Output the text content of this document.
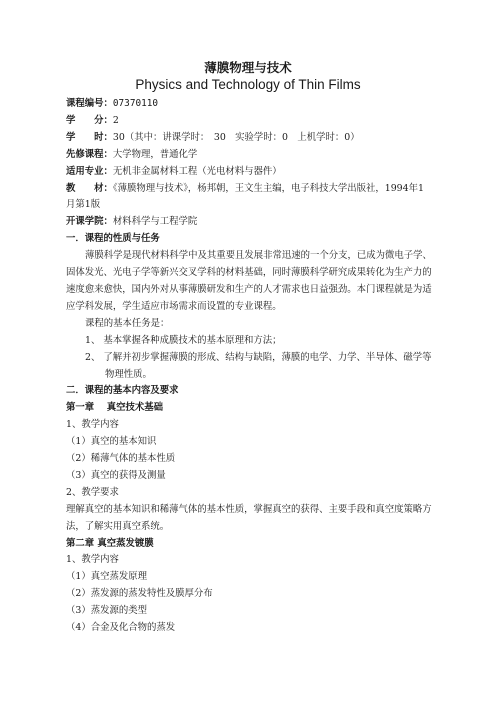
薄膜物理与技术
Physics and Technology of Thin Films
课程编号：07370110
学　　分：2
学　　时：30（其中：讲课学时：　30　实验学时：0　上机学时：0）
先修课程：大学物理，普通化学
适用专业：无机非金属材料工程（光电材料与器件）
教　　材：《薄膜物理与技术》，杨邦朝，王文生主编，电子科技大学出版社，1994年1月第1版
开课学院：材料科学与工程学院
一．课程的性质与任务
薄膜科学是现代材料科学中及其重要且发展非常迅速的一个分支，已成为微电子学、固体发光、光电子学等新兴交叉学科的材料基础，同时薄膜科学研究成果转化为生产力的速度愈来愈快，国内外对从事薄膜研发和生产的人才需求也日益强劲。本门课程就是为适应学科发展，学生适应市场需求而设置的专业课程。
课程的基本任务是：
1、 基本掌握各种成膜技术的基本原理和方法；
2、 了解并初步掌握薄膜的形成、结构与缺陷，薄膜的电学、力学、半导体、磁学等物理性质。
二．课程的基本内容及要求
第一章　 真空技术基础
1、教学内容
（1）真空的基本知识
（2）稀薄气体的基本性质
（3）真空的获得及测量
2、教学要求
理解真空的基本知识和稀薄气体的基本性质，掌握真空的获得、主要手段和真空度策略方法，了解实用真空系统。
第二章 真空蒸发镀膜
1、教学内容
（1）真空蒸发原理
（2）蒸发源的蒸发特性及膜厚分布
（3）蒸发源的类型
（4）合金及化合物的蒸发
